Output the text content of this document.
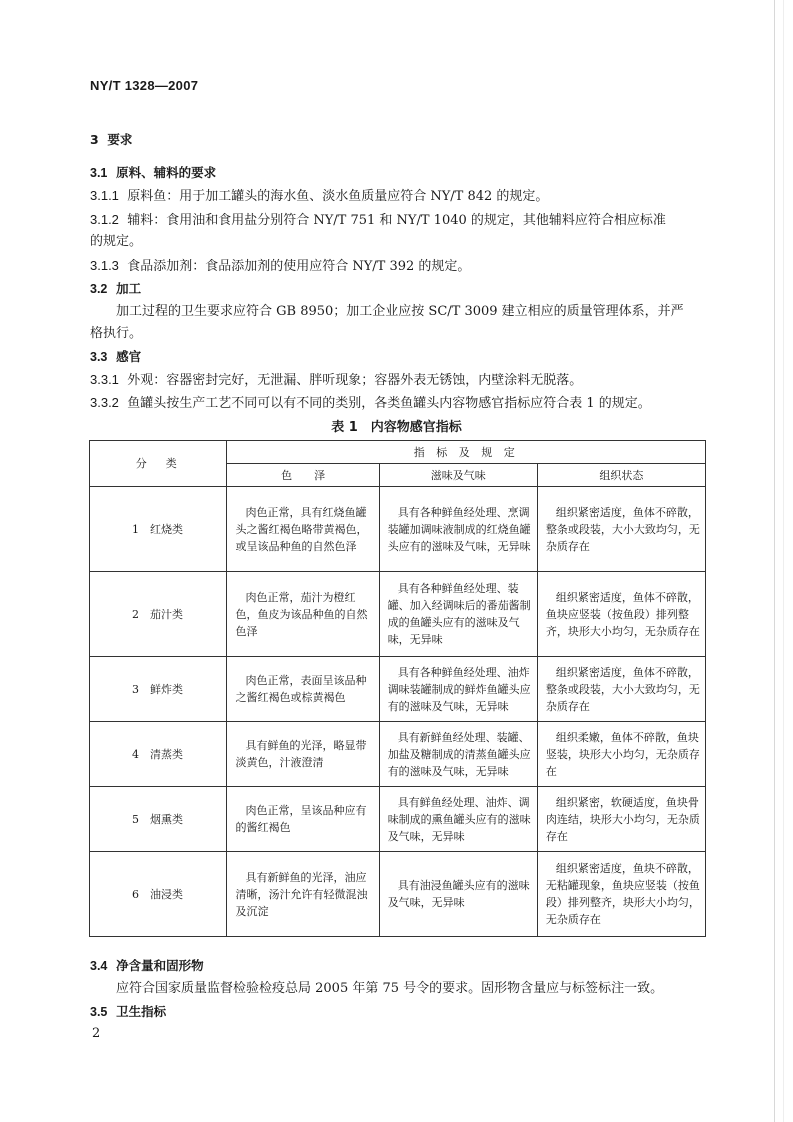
NY/T 1328—2007
3 要求
3.1 原料、辅料的要求
3.1.1 原料鱼：用于加工罐头的海水鱼、淡水鱼质量应符合 NY/T 842 的规定。
3.1.2 辅料：食用油和食用盐分别符合 NY/T 751 和 NY/T 1040 的规定，其他辅料应符合相应标准
的规定。
3.1.3 食品添加剂：食品添加剂的使用应符合 NY/T 392 的规定。
3.2 加工
加工过程的卫生要求应符合 GB 8950；加工企业应按 SC/T 3009 建立相应的质量管理体系，并严
格执行。
3.3 感官
3.3.1 外观：容器密封完好，无泄漏、胖听现象；容器外表无锈蚀，内壁涂料无脱落。
3.3.2 鱼罐头按生产工艺不同可以有不同的类别，各类鱼罐头内容物感官指标应符合表 1 的规定。
表 1　内容物感官指标
分　类	指 标 及 规 定		
	色　　泽	滋味及气味	组织状态
1 红烧类	肉色正常，具有红烧鱼罐头之酱红褐色略带黄褐色，或呈该品种鱼的自然色泽	具有各种鲜鱼经处理、烹调装罐加调味液制成的红烧鱼罐头应有的滋味及气味，无异味	组织紧密适度，鱼体不碎散，整条或段装，大小大致均匀，无杂质存在
2 茄汁类	肉色正常，茄汁为橙红色，鱼皮为该品种鱼的自然色泽	具有各种鲜鱼经处理、装罐、加入经调味后的番茄酱制成的鱼罐头应有的滋味及气味，无异味	组织紧密适度，鱼体不碎散，鱼块应竖装（按鱼段）排列整齐，块形大小均匀，无杂质存在
3 鲜炸类	肉色正常，表面呈该品种之酱红褐色或棕黄褐色	具有各种鲜鱼经处理、油炸调味装罐制成的鲜炸鱼罐头应有的滋味及气味，无异味	组织紧密适度，鱼体不碎散，整条或段装，大小大致均匀，无杂质存在
4 清蒸类	具有鲜鱼的光泽，略显带淡黄色，汁液澄清	具有新鲜鱼经处理、装罐、加盐及糖制成的清蒸鱼罐头应有的滋味及气味，无异味	组织柔嫩，鱼体不碎散，鱼块竖装，块形大小均匀，无杂质存在
5 烟熏类	肉色正常，呈该品种应有的酱红褐色	具有鲜鱼经处理、油炸、调味制成的熏鱼罐头应有的滋味及气味，无异味	组织紧密，软硬适度，鱼块骨肉连结，块形大小均匀，无杂质存在
6 油浸类	具有新鲜鱼的光泽，油应清晰，汤汁允许有轻微混浊及沉淀	具有油浸鱼罐头应有的滋味及气味，无异味	组织紧密适度，鱼块不碎散，无粘罐现象，鱼块应竖装（按鱼段）排列整齐，块形大小均匀，无杂质存在
3.4 净含量和固形物
应符合国家质量监督检验检疫总局 2005 年第 75 号令的要求。固形物含量应与标签标注一致。
3.5 卫生指标
2
